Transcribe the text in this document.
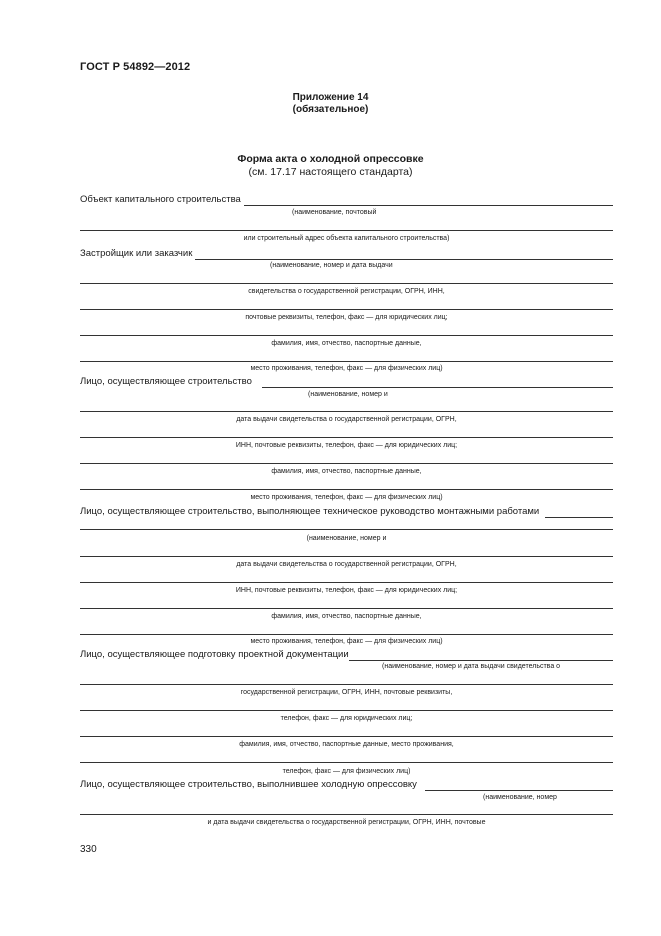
ГОСТ Р 54892—2012
Приложение 14
(обязательное)
Форма акта о холодной опрессовке
(см. 17.17 настоящего стандарта)
Объект капитального строительства
(наименование, почтовый
или строительный адрес объекта капитального строительства)
Застройщик или заказчик
(наименование, номер и дата выдачи
свидетельства о государственной регистрации, ОГРН, ИНН,
почтовые реквизиты, телефон, факс — для юридических лиц;
фамилия, имя, отчество, паспортные данные,
место проживания, телефон, факс — для физических лиц)
Лицо, осуществляющее строительство
(наименование, номер и
дата выдачи свидетельства о государственной регистрации, ОГРН,
ИНН, почтовые реквизиты, телефон, факс — для юридических лиц;
фамилия, имя, отчество, паспортные данные,
место проживания, телефон, факс — для физических лиц)
Лицо, осуществляющее строительство, выполняющее техническое руководство монтажными работами
(наименование, номер и
дата выдачи свидетельства о государственной регистрации, ОГРН,
ИНН, почтовые реквизиты, телефон, факс — для юридических лиц;
фамилия, имя, отчество, паспортные данные,
место проживания, телефон, факс — для физических лиц)
Лицо, осуществляющее подготовку проектной документации
(наименование, номер и дата выдачи свидетельства о
государственной регистрации, ОГРН, ИНН, почтовые реквизиты,
телефон, факс — для юридических лиц;
фамилия, имя, отчество, паспортные данные, место проживания,
телефон, факс — для физических лиц)
Лицо, осуществляющее строительство, выполнившее холодную опрессовку
(наименование, номер
и дата выдачи свидетельства о государственной регистрации, ОГРН, ИНН, почтовые
330
